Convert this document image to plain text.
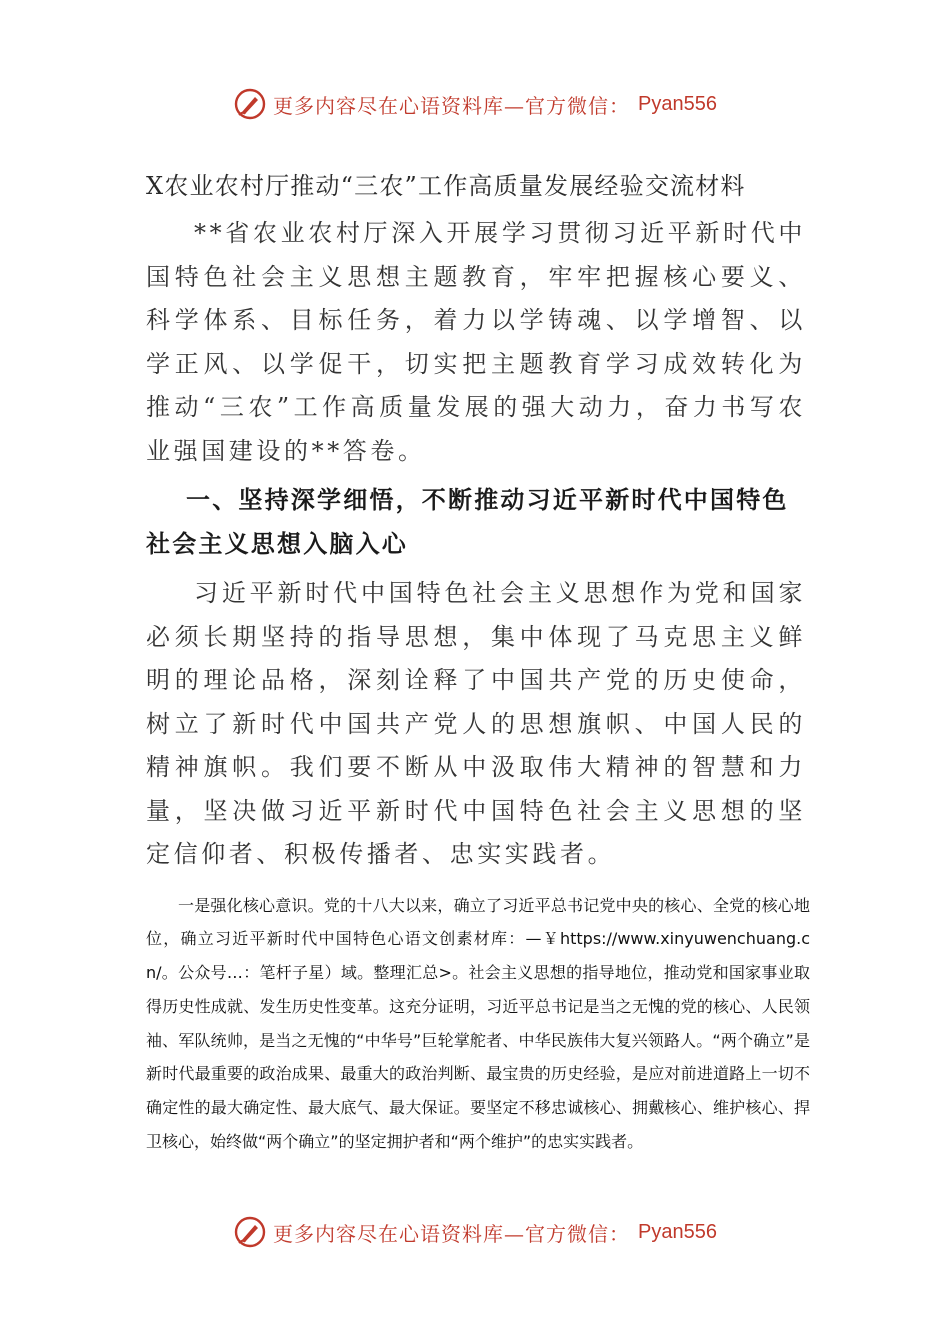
更多内容尽在心语资料库—官方微信： Pyan556
X农业农村厅推动“三农”工作高质量发展经验交流材料

**省农业农村厅深入开展学习贯彻习近平新时代中国特色社会主义思想主题教育，牢牢把握核心要义、科学体系、目标任务，着力以学铸魂、以学增智、以学正风、以学促干，切实把主题教育学习成效转化为推动“三农”工作高质量发展的强大动力，奋力书写农业强国建设的**答卷。

一、坚持深学细悟，不断推动习近平新时代中国特色社会主义思想入脑入心

习近平新时代中国特色社会主义思想作为党和国家必须长期坚持的指导思想，集中体现了马克思主义鲜明的理论品格，深刻诠释了中国共产党的历史使命，树立了新时代中国共产党人的思想旗帜、中国人民的精神旗帜。我们要不断从中汲取伟大精神的智慧和力量，坚决做习近平新时代中国特色社会主义思想的坚定信仰者、积极传播者、忠实实践者。

一是强化核心意识。党的十八大以来，确立了习近平总书记党中央的核心、全党的核心地位，确立习近平新时代中国特色心语文创素材库：—￥https://www.xinyuwenchuang.cn/。公众号…：笔杆子星）域。整理汇总>。社会主义思想的指导地位，推动党和国家事业取得历史性成就、发生历史性变革。这充分证明，习近平总书记是当之无愧的党的核心、人民领袖、军队统帅，是当之无愧的“中华号”巨轮掌舵者、中华民族伟大复兴领路人。“两个确立”是新时代最重要的政治成果、最重大的政治判断、最宝贵的历史经验，是应对前进道路上一切不确定性的最大确定性、最大底气、最大保证。要坚定不移忠诚核心、拥戴核心、维护核心、捍卫核心，始终做“两个确立”的坚定拥护者和“两个维护”的忠实实践者。

更多内容尽在心语资料库—官方微信： Pyan556
